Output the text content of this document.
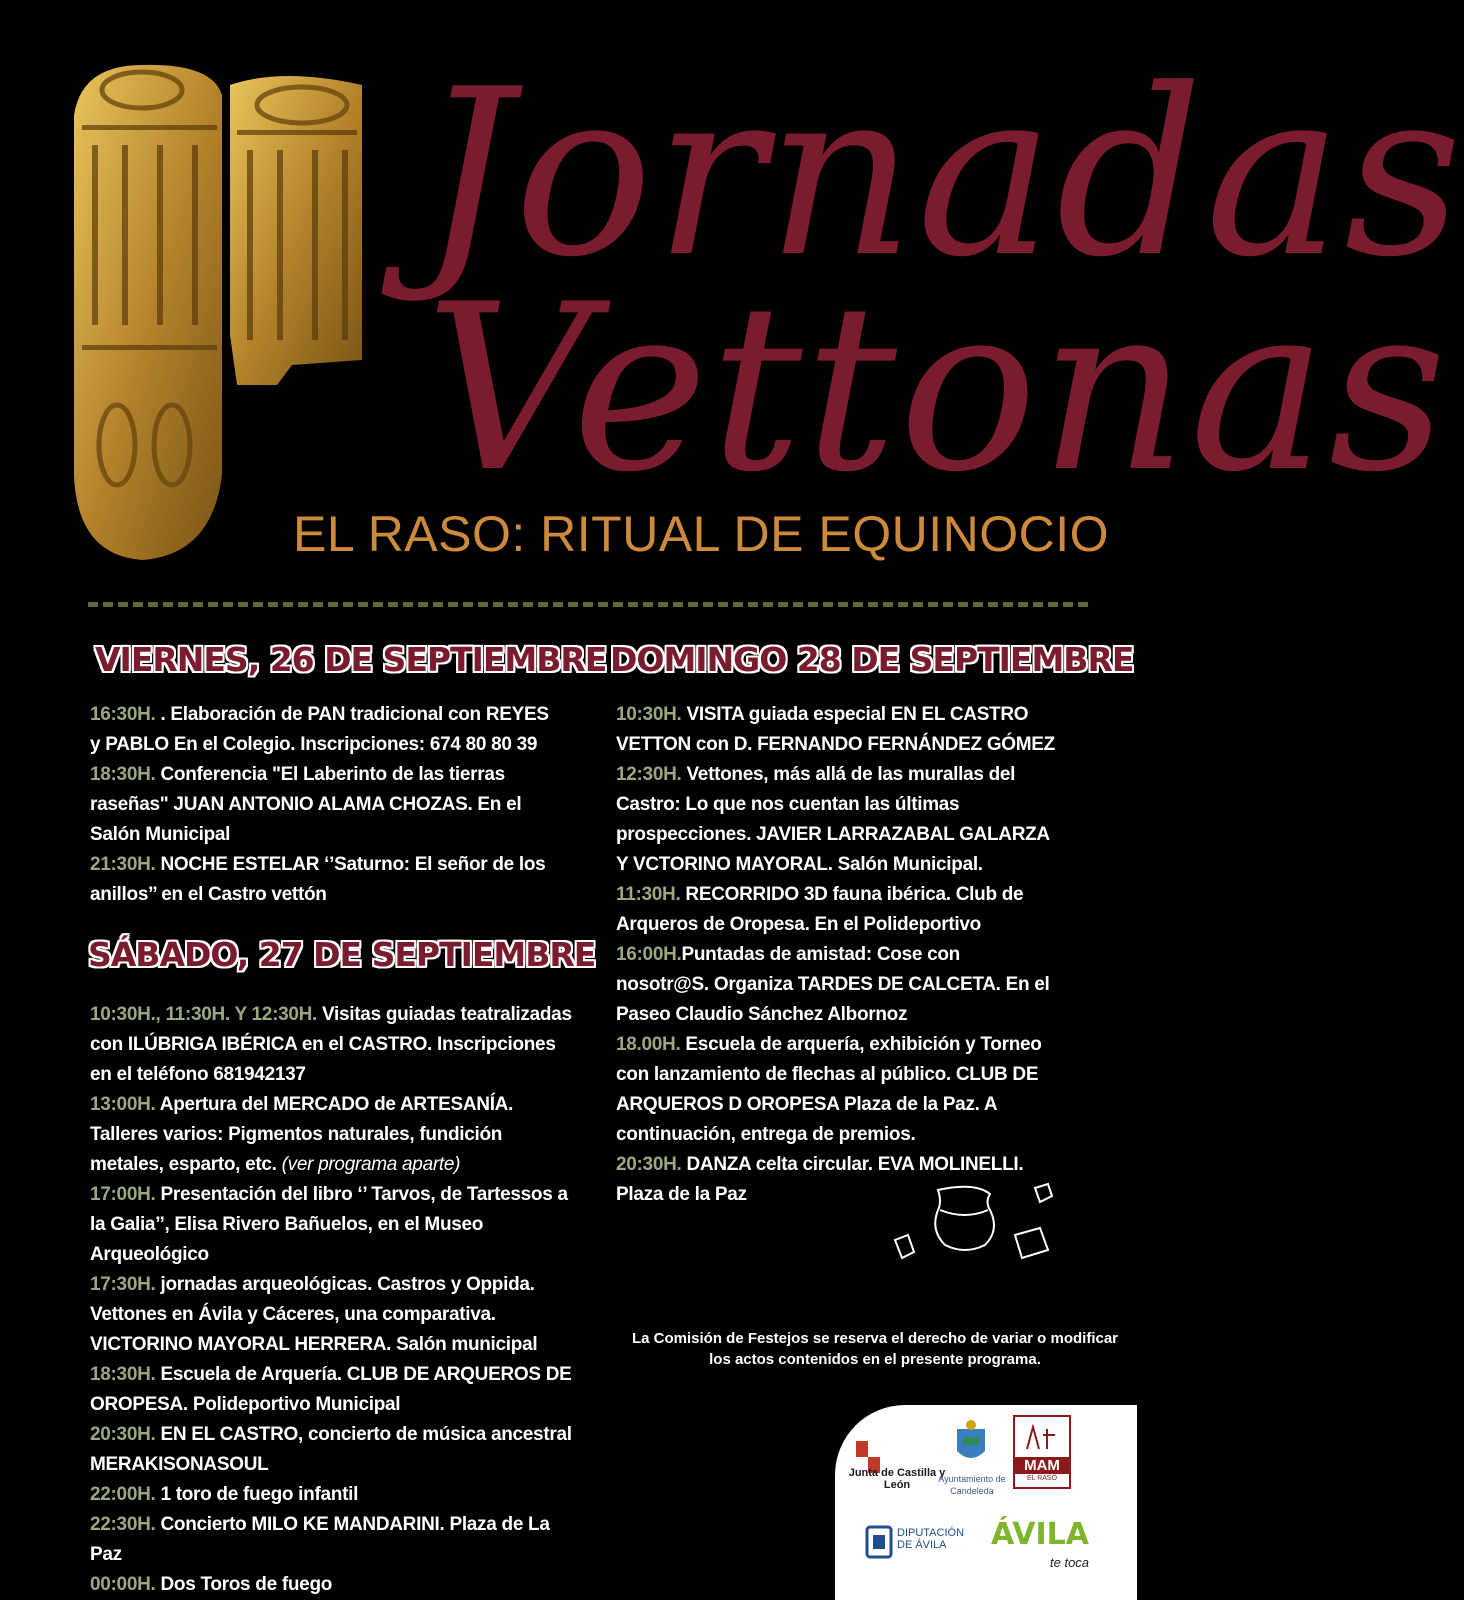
Jornadas
Vettonas
EL RASO: RITUAL DE EQUINOCIO
VIERNES, 26 DE SEPTIEMBRE
16:30H. . Elaboración de PAN tradicional con REYES y PABLO En el Colegio. Inscripciones: 674 80 80 39
18:30H. Conferencia "El Laberinto de las tierras raseñas" JUAN ANTONIO ALAMA CHOZAS. En el Salón Municipal
21:30H. NOCHE ESTELAR ‘’Saturno: El señor de los anillos’’ en el Castro vettón
SÁBADO, 27 DE SEPTIEMBRE
10:30H., 11:30H. Y 12:30H. Visitas guiadas teatralizadas con ILÚBRIGA IBÉRICA en el CASTRO. Inscripciones en el teléfono 681942137
13:00H. Apertura del MERCADO de ARTESANÍA. Talleres varios: Pigmentos naturales, fundición metales, esparto, etc. (ver programa aparte)
17:00H. Presentación del libro ‘’ Tarvos, de Tartessos a la Galia’’, Elisa Rivero Bañuelos, en el Museo Arqueológico
17:30H. jornadas arqueológicas. Castros y Oppida. Vettones en Ávila y Cáceres, una comparativa. VICTORINO MAYORAL HERRERA. Salón municipal
18:30H. Escuela de Arquería. CLUB DE ARQUEROS DE OROPESA. Polideportivo Municipal
20:30H. EN EL CASTRO, concierto de música ancestral MERAKISONASOUL
22:00H. 1 toro de fuego infantil
22:30H. Concierto MILO KE MANDARINI. Plaza de La Paz
00:00H. Dos Toros de fuego
DOMINGO 28 DE SEPTIEMBRE
10:30H. VISITA guiada especial EN EL CASTRO VETTON con D. FERNANDO FERNÁNDEZ GÓMEZ
12:30H. Vettones, más allá de las murallas del Castro: Lo que nos cuentan las últimas prospecciones. JAVIER LARRAZABAL GALARZA Y VCTORINO MAYORAL. Salón Municipal.
11:30H. RECORRIDO 3D fauna ibérica. Club de Arqueros de Oropesa. En el Polideportivo
16:00H.Puntadas de amistad: Cose con nosotr@S. Organiza TARDES DE CALCETA. En el Paseo Claudio Sánchez Albornoz
18.00H. Escuela de arquería, exhibición y Torneo con lanzamiento de flechas al público. CLUB DE ARQUEROS D OROPESA Plaza de la Paz. A continuación, entrega de premios.
20:30H. DANZA celta circular. EVA MOLINELLI. Plaza de la Paz
La Comisión de Festejos se reserva el derecho de variar o modificar los actos contenidos en el presente programa.
Junta de Castilla y León	Ayuntamiento de Candeleda
MAM
EL RASO
DIPUTACIÓN DE ÁVILA	ÁVILA
te toca
